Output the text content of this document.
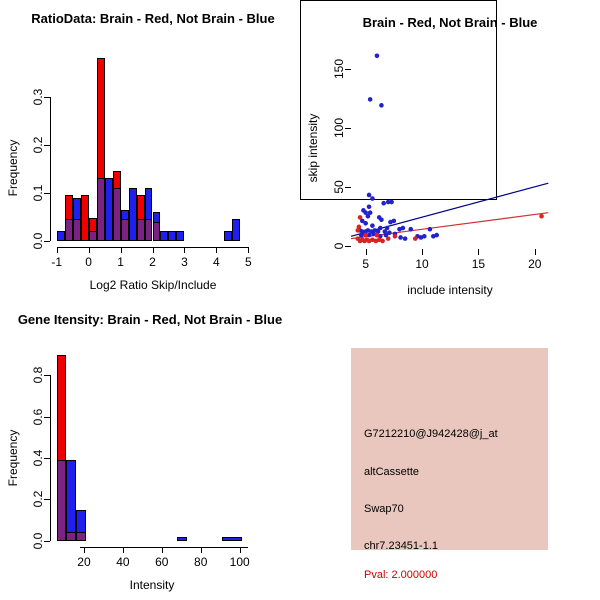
RatioData: Brain - Red, Not Brain - Blue
Log2 Ratio Skip/Include
Frequency
-1 0 1 2 3 4 5
0.0
0.1
0.2
0.3
Brain - Red, Not Brain - Blue
include intensity
skip intensity
5	10	15	20
0
50
100
150
Gene Itensity: Brain - Red, Not Brain - Blue
Intensity
Frequency
20 40 60 80 100
0.0
0.2
0.4
0.6
0.8
G7212210@J942428@j_at
altCassette
Swap70
chr7.23451-1.1
Pval: 2.000000
